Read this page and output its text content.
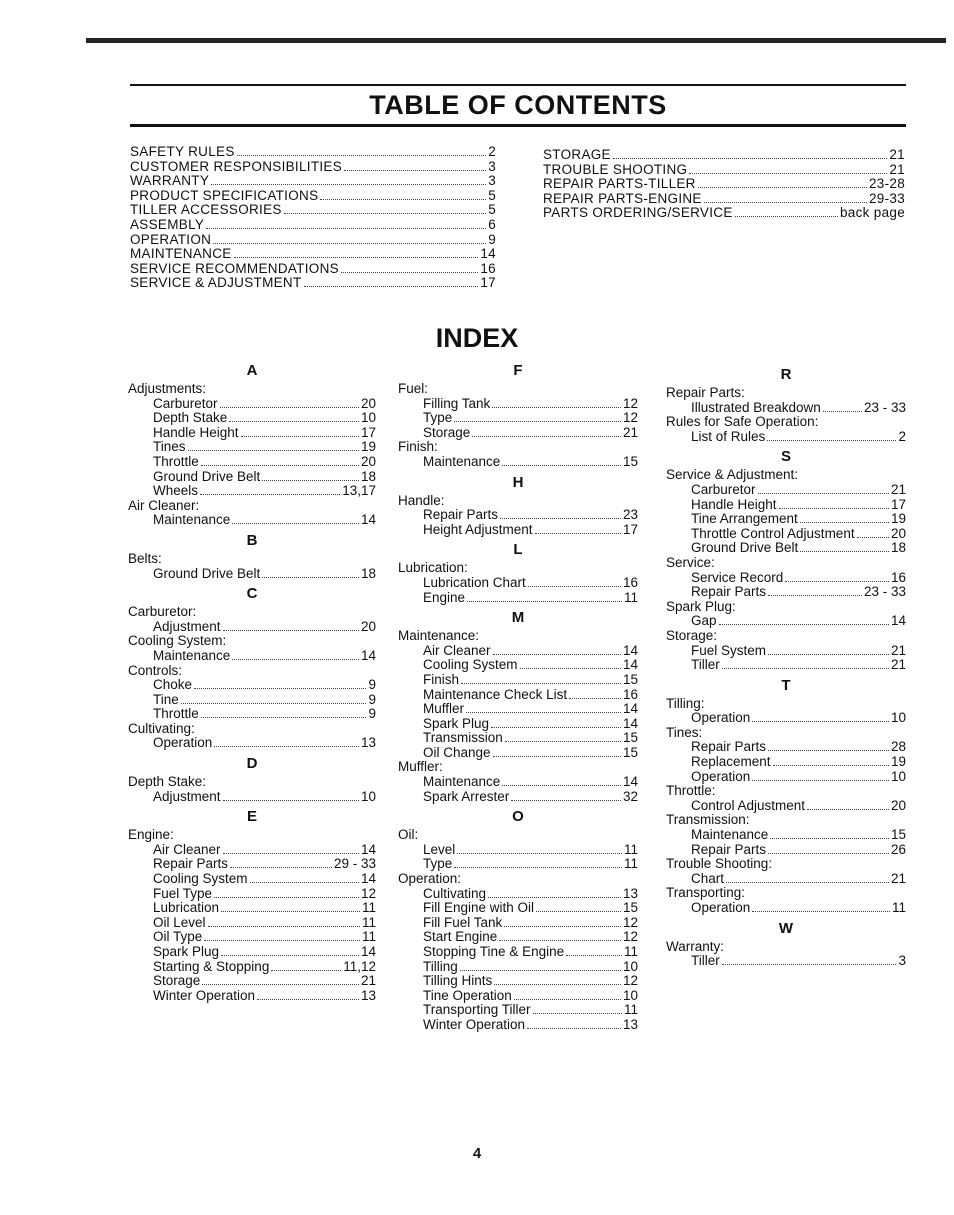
TABLE OF CONTENTS
SAFETY RULES	2
CUSTOMER RESPONSIBILITIES	3
WARRANTY	3
PRODUCT SPECIFICATIONS	5
TILLER ACCESSORIES	5
ASSEMBLY	6
OPERATION	9
MAINTENANCE	14
SERVICE RECOMMENDATIONS	16
SERVICE & ADJUSTMENT	17
STORAGE	21
TROUBLE SHOOTING	21
REPAIR PARTS-TILLER	23-28
REPAIR PARTS-ENGINE	29-33
PARTS ORDERING/SERVICE	back page
INDEX
A
Adjustments:
Carburetor	20
Depth Stake	10
Handle Height	17
Tines	19
Throttle	20
Ground Drive Belt	18
Wheels	13,17
Air Cleaner:
Maintenance	14
B
Belts:
Ground Drive Belt	18
C
Carburetor:
Adjustment	20
Cooling System:
Maintenance	14
Controls:
Choke	9
Tine	9
Throttle	9
Cultivating:
Operation	13
D
Depth Stake:
Adjustment	10
E
Engine:
Air Cleaner	14
Repair Parts	29 - 33
Cooling System	14
Fuel Type	12
Lubrication	11
Oil Level	11
Oil Type	11
Spark Plug	14
Starting & Stopping	11,12
Storage	21
Winter Operation	13
F
Fuel:
Filling Tank	12
Type	12
Storage	21
Finish:
Maintenance	15
H
Handle:
Repair Parts	23
Height Adjustment	17
L
Lubrication:
Lubrication Chart	16
Engine	11
M
Maintenance:
Air Cleaner	14
Cooling System	14
Finish	15
Maintenance Check List	16
Muffler	14
Spark Plug	14
Transmission	15
Oil Change	15
Muffler:
Maintenance	14
Spark Arrester	32
O
Oil:
Level	11
Type	11
Operation:
Cultivating	13
Fill Engine with Oil	15
Fill Fuel Tank	12
Start Engine	12
Stopping Tine & Engine	11
Tilling	10
Tilling Hints	12
Tine Operation	10
Transporting Tiller	11
Winter Operation	13
R
Repair Parts:
Illustrated Breakdown	23 - 33
Rules for Safe Operation:
List of Rules	2
S
Service & Adjustment:
Carburetor	21
Handle Height	17
Tine Arrangement	19
Throttle Control Adjustment	20
Ground Drive Belt	18
Service:
Service Record	16
Repair Parts	23 - 33
Spark Plug:
Gap	14
Storage:
Fuel System	21
Tiller	21
T
Tilling:
Operation	10
Tines:
Repair Parts	28
Replacement	19
Operation	10
Throttle:
Control Adjustment	20
Transmission:
Maintenance	15
Repair Parts	26
Trouble Shooting:
Chart	21
Transporting:
Operation	11
W
Warranty:
Tiller	3
4
